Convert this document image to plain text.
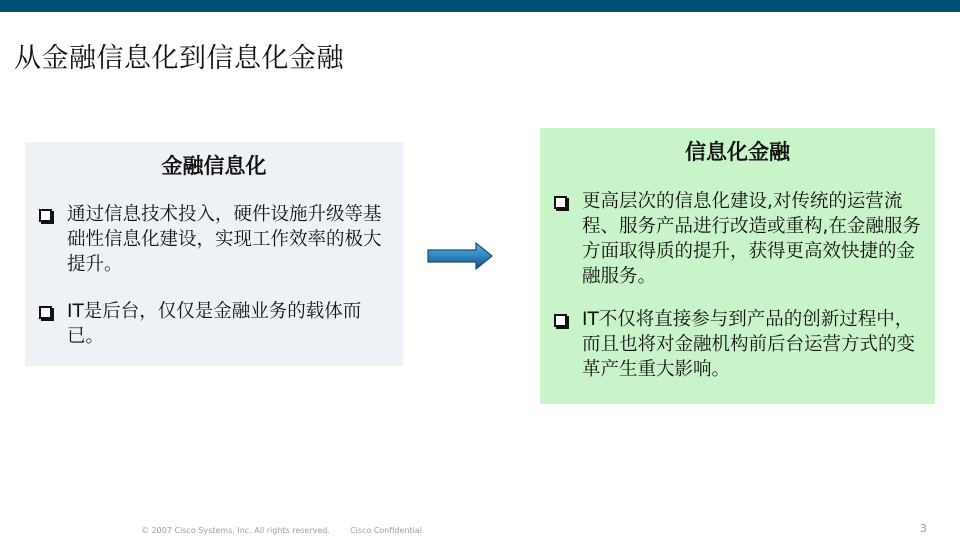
从金融信息化到信息化金融
金融信息化
通过信息技术投入，硬件设施升级等基础性信息化建设，实现工作效率的极大提升。
IT是后台，仅仅是金融业务的载体而已。
信息化金融
更高层次的信息化建设,对传统的运营流程、服务产品进行改造或重构,在金融服务方面取得质的提升，获得更高效快捷的金融服务。
IT不仅将直接参与到产品的创新过程中，而且也将对金融机构前后台运营方式的变革产生重大影响。
© 2007 Cisco Systems, Inc. All rights reserved.	Cisco Confidential	3
